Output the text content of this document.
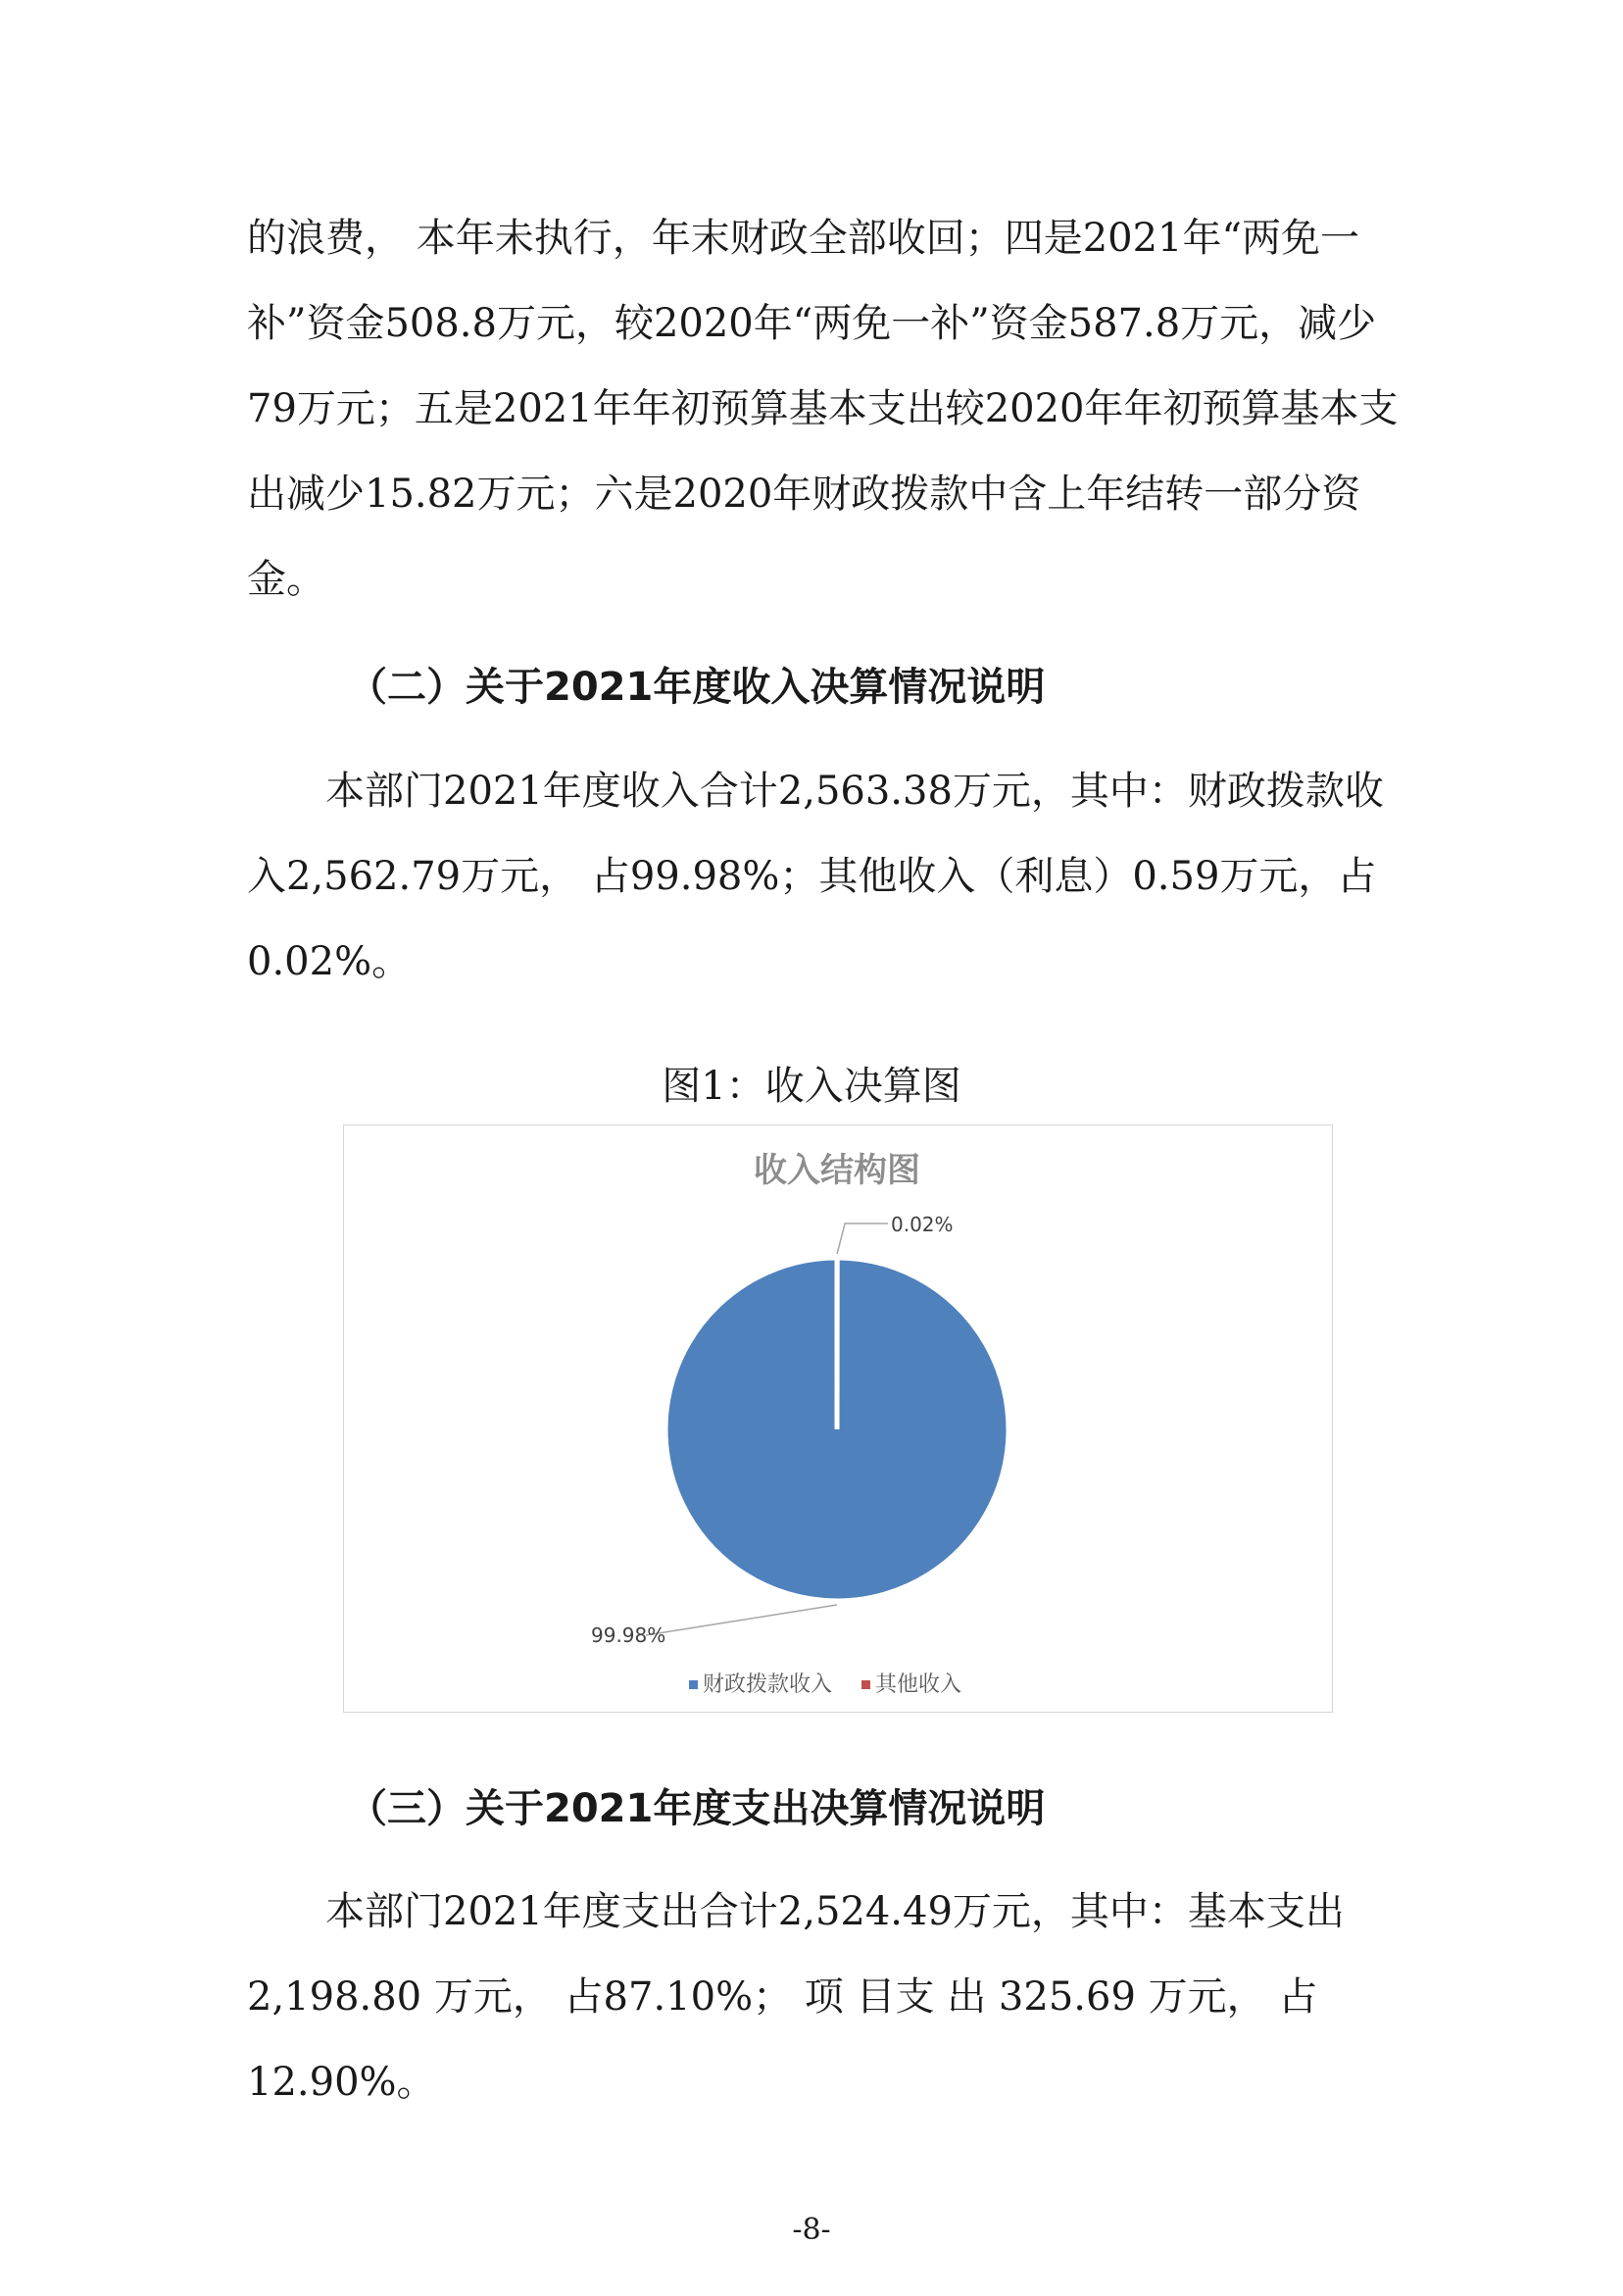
的浪费， 本年未执行，年末财政全部收回；四是2021年“两免一补”资金508.8万元，较2020年“两免一补”资金587.8万元，减少79万元；五是2021年年初预算基本支出较2020年年初预算基本支出减少15.82万元；六是2020年财政拨款中含上年结转一部分资金。

（二）关于2021年度收入决算情况说明

本部门2021年度收入合计2,563.38万元，其中：财政拨款收入2,562.79万元， 占99.98%；其他收入（利息）0.59万元，占0.02%。

图1：收入决算图

收入结构图
0.02%
99.98%
财政拨款收入 其他收入
（三）关于2021年度支出决算情况说明

本部门2021年度支出合计2,524.49万元，其中：基本支出2,198.80 万元， 占87.10%； 项 目支 出 325.69 万元， 占12.90%。

-8-
